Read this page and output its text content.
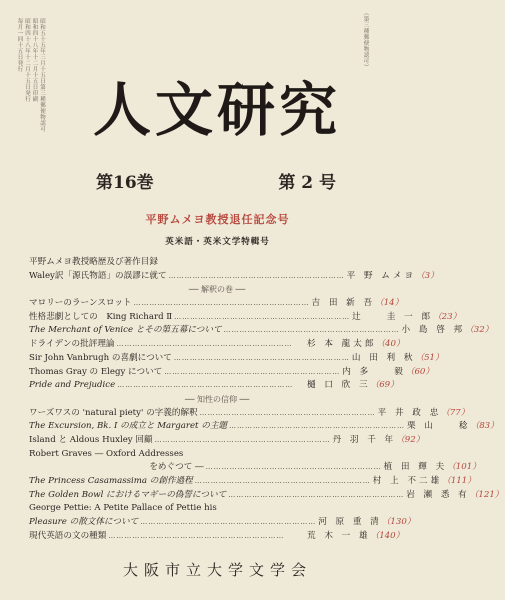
昭和五十五年三月十五日第三種郵便物認可
昭和四十八年十二月十五日印刷
昭和四十八年十二月十五日発行
毎月一回十五日発行	（第三種郵便物認可）
人文研究
第16巻	第 2 号
平野ムメヨ教授退任記念号
英米語・英米文学特輯号
平野ムメヨ教授略歴及び著作目録
Waley訳「源氏物語」の誤謬に就て ………………………………………………………… 平 野 ムメヨ（3）
── 解釈の巻 ──
マロリーのラーンスロット ………………………………………………………… 吉 田 新 吾（14）
性格悲劇としての　King Richard Ⅱ ………………………………………………………… 辻 　 圭 一 郎（23）
The Merchant of Venice とその第五幕について ………………………………………………………… 小 島 啓 邦（32）
ドライデンの批評理論 …………………………………………………………	杉 本 龍太郎（40）
Sir John Vanbrugh の喜劇について ………………………………………………………… 山 田 利 秋（51）
Thomas Gray の Elegy について ………………………………………………………… 内 多 　 毅（60）
Pride and Prejudice …………………………………………………………	樋 口 欣 三（69）
── 知性の信仰 ──
ワーズワスの 'natural piety' の字義的解釈 ………………………………………………………… 平 井 政 忠（77）
The Excursion, Bk. I の成立と Margaret の主題 ………………………………………………………… 栗 山 　 稔（83）
Island と Aldous Huxley 回顧 ………………………………………………………… 丹 羽 千 年（92）
Robert Graves ― Oxford Addresses
　　　　　　　　　　　　　　をめぐつて ― ………………………………………………………… 植 田 輝 夫（101）
The Princess Casamassima の創作過程 ………………………………………………………… 村 上 不二雄（111）
The Golden Bowl におけるマギーの偽誓について ………………………………………………………… 岩 瀬 悉 有（121）
George Pettie: A Petite Pallace of Pettie his
Pleasure の散文体について ………………………………………………………… 河 原 重 清（130）
現代英語の文の種類 …………………………………………………………	荒 木 一 雄（140）
大阪市立大学文学会
